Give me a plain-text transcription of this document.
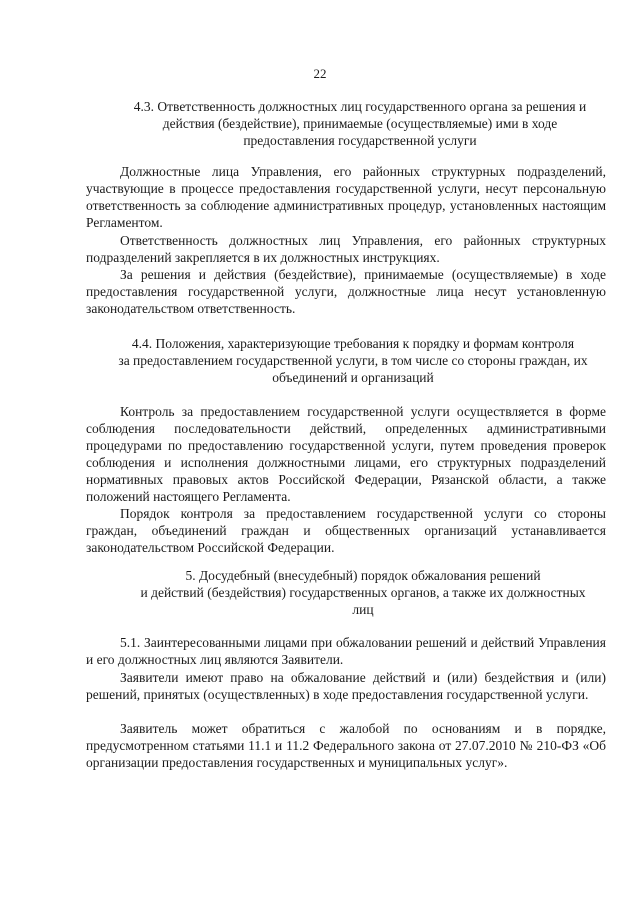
22
4.3. Ответственность должностных лиц государственного органа за решения и
действия (бездействие), принимаемые (осуществляемые) ими в ходе
предоставления государственной услуги

Должностные лица Управления, его районных структурных подразделений, участвующие в процессе предоставления государственной услуги, несут персональную ответственность за соблюдение административных процедур, установленных настоящим Регламентом.

Ответственность должностных лиц Управления, его районных структурных подразделений закрепляется в их должностных инструкциях.

За решения и действия (бездействие), принимаемые (осуществляемые) в ходе предоставления государственной услуги, должностные лица несут установленную законодательством ответственность.

4.4. Положения, характеризующие требования к порядку и формам контроля
за предоставлением государственной услуги, в том числе со стороны граждан, их
объединений и организаций

Контроль за предоставлением государственной услуги осуществляется в форме соблюдения последовательности действий, определенных административными процедурами по предоставлению государственной услуги, путем проведения проверок соблюдения и исполнения должностными лицами, его структурных подразделений нормативных правовых актов Российской Федерации, Рязанской области, а также положений настоящего Регламента.

Порядок контроля за предоставлением государственной услуги со стороны граждан, объединений граждан и общественных организаций устанавливается законодательством Российской Федерации.

5. Досудебный (внесудебный) порядок обжалования решений
и действий (бездействия) государственных органов, а также их должностных
лиц

5.1. Заинтересованными лицами при обжаловании решений и действий Управления и его должностных лиц являются Заявители.

Заявители имеют право на обжалование действий и (или) бездействия и (или) решений, принятых (осуществленных) в ходе предоставления государственной услуги.

Заявитель может обратиться с жалобой по основаниям и в порядке, предусмотренном статьями 11.1 и 11.2 Федерального закона от 27.07.2010 № 210-ФЗ «Об организации предоставления государственных и муниципальных услуг».
